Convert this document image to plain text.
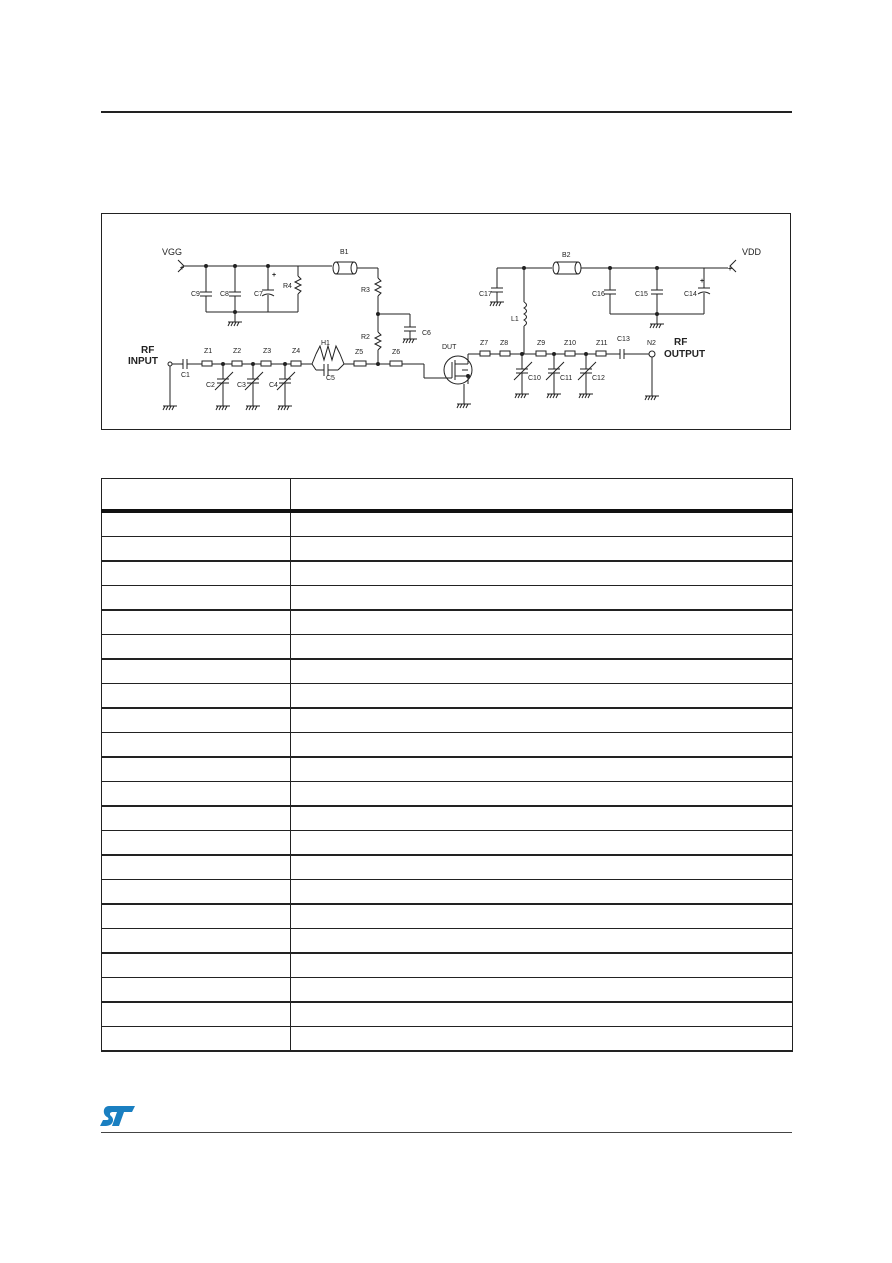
+
+
+	+
VGG	VDD
B1	B2
R3
R2
R4
H1
L1
DUT
N2
C1
C2	C3	C4
C5
C6
C7
C8
C9
C10	C11	C12
C13
C14
C15
C16
C17
Z1	Z2	Z3	Z4	Z5	Z6
Z7 Z8	Z9	Z10	Z11
RF
INPUT
RF
OUTPUT
